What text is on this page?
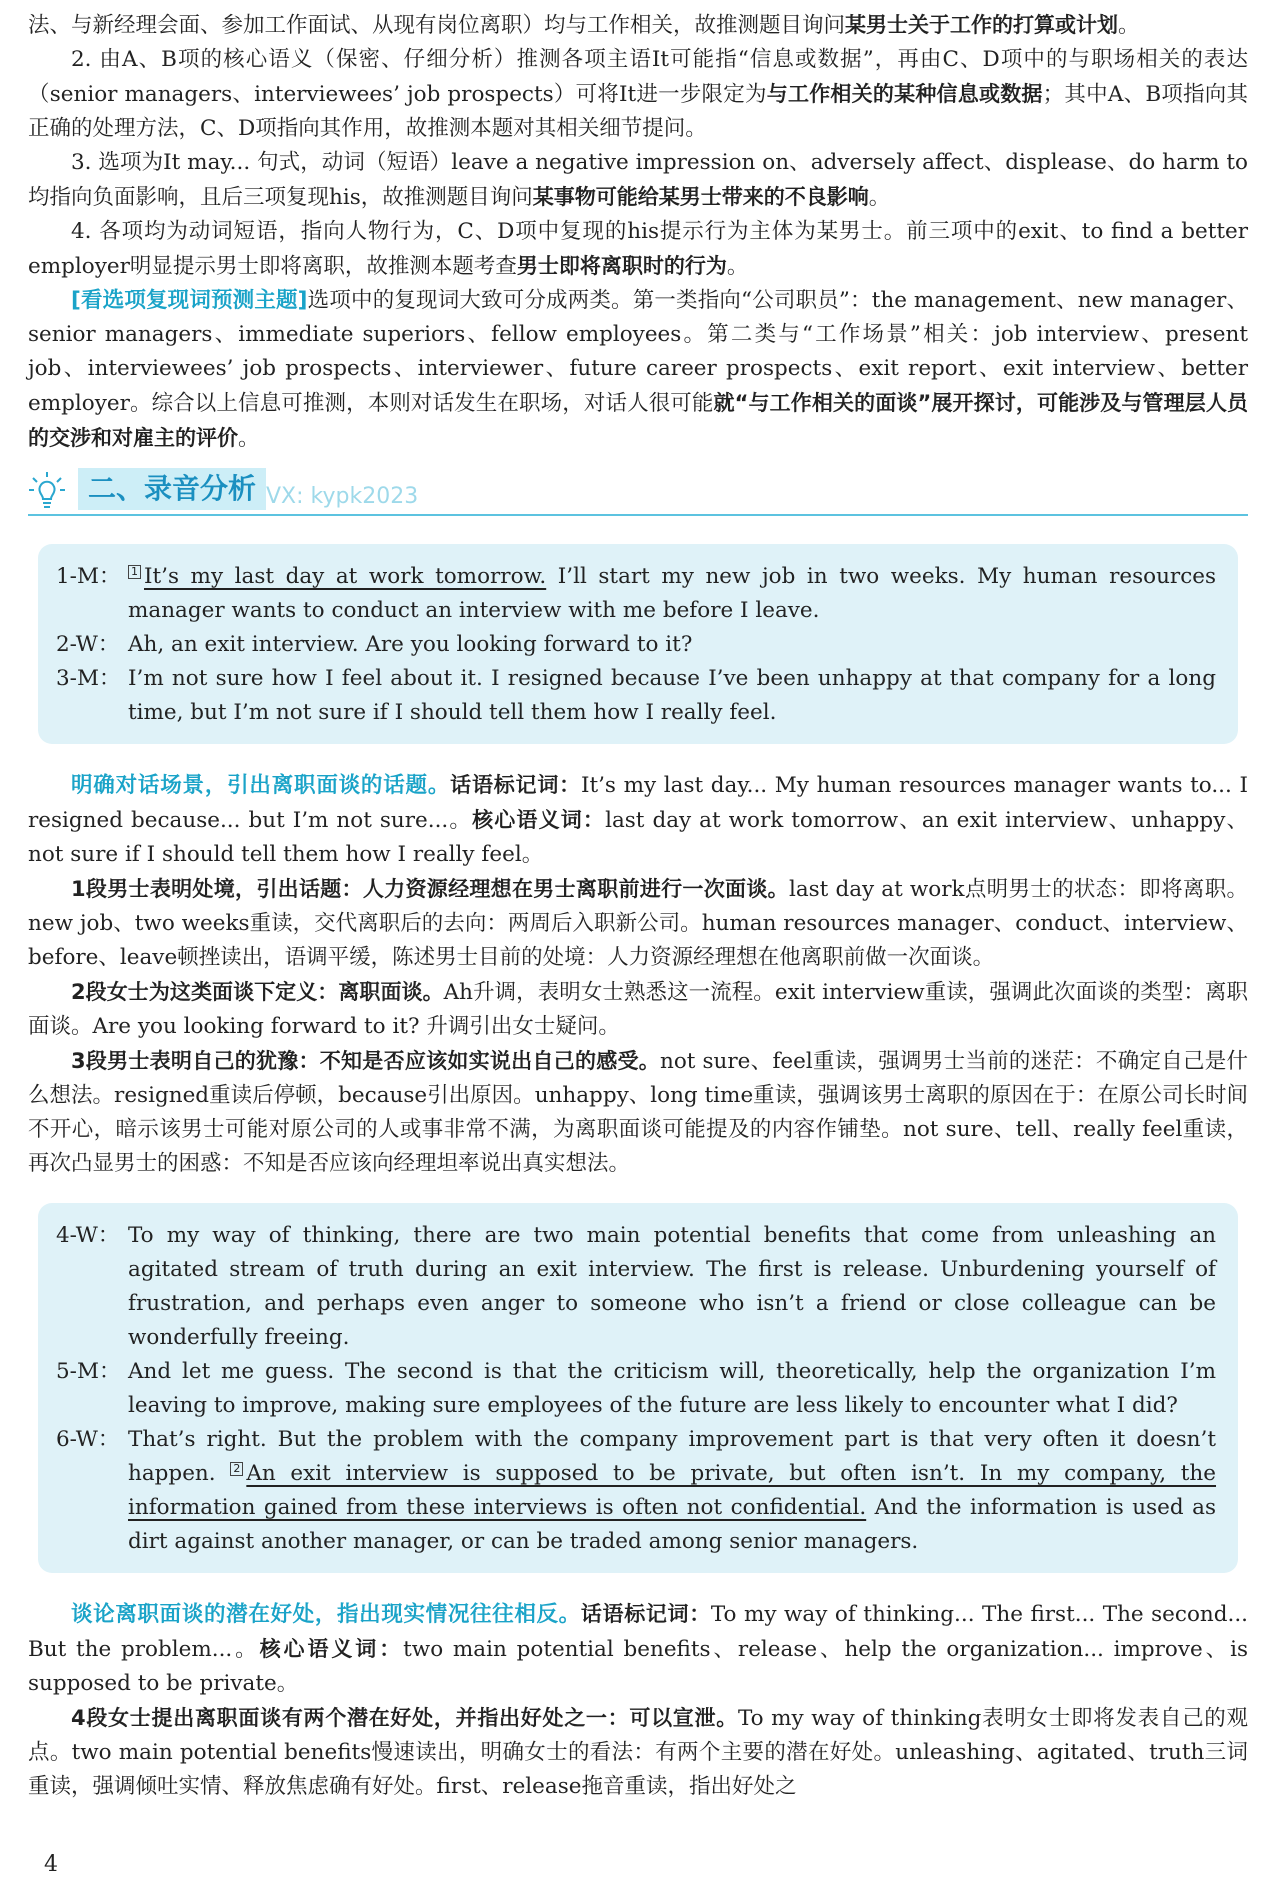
法、与新经理会面、参加工作面试、从现有岗位离职）均与工作相关，故推测题目询问某男士关于工作的打算或计划。

2. 由A、B项的核心语义（保密、仔细分析）推测各项主语It可能指“信息或数据”，再由C、D项中的与职场相关的表达（senior managers、interviewees’ job prospects）可将It进一步限定为与工作相关的某种信息或数据；其中A、B项指向其正确的处理方法，C、D项指向其作用，故推测本题对其相关细节提问。

3. 选项为It may... 句式，动词（短语）leave a negative impression on、adversely affect、displease、do harm to均指向负面影响，且后三项复现his，故推测题目询问某事物可能给某男士带来的不良影响。

4. 各项均为动词短语，指向人物行为，C、D项中复现的his提示行为主体为某男士。前三项中的exit、to find a better employer明显提示男士即将离职，故推测本题考查男士即将离职时的行为。

[看选项复现词预测主题]选项中的复现词大致可分成两类。第一类指向“公司职员”：the management、new manager、senior managers、immediate superiors、fellow employees。第二类与“工作场景”相关：job interview、present job、interviewees’ job prospects、interviewer、future career prospects、exit report、exit interview、better employer。综合以上信息可推测，本则对话发生在职场，对话人很可能就“与工作相关的面谈”展开探讨，可能涉及与管理层人员的交涉和对雇主的评价。

二、录音分析 VX: kypk2023
1-M： 1 It’s my last day at work tomorrow. I’ll start my new job in two weeks. My human resources manager wants to conduct an interview with me before I leave.
2-W： Ah, an exit interview. Are you looking forward to it?
3-M： I’m not sure how I feel about it. I resigned because I’ve been unhappy at that company for a long time, but I’m not sure if I should tell them how I really feel.

明确对话场景，引出离职面谈的话题。话语标记词：It’s my last day... My human resources manager wants to... I resigned because... but I’m not sure...。核心语义词：last day at work tomorrow、an exit interview、unhappy、not sure if I should tell them how I really feel。

1段男士表明处境，引出话题：人力资源经理想在男士离职前进行一次面谈。last day at work点明男士的状态：即将离职。new job、two weeks重读，交代离职后的去向：两周后入职新公司。human resources manager、conduct、interview、before、leave顿挫读出，语调平缓，陈述男士目前的处境：人力资源经理想在他离职前做一次面谈。

2段女士为这类面谈下定义：离职面谈。Ah升调，表明女士熟悉这一流程。exit interview重读，强调此次面谈的类型：离职面谈。Are you looking forward to it? 升调引出女士疑问。

3段男士表明自己的犹豫：不知是否应该如实说出自己的感受。not sure、feel重读，强调男士当前的迷茫：不确定自己是什么想法。resigned重读后停顿，because引出原因。unhappy、long time重读，强调该男士离职的原因在于：在原公司长时间不开心，暗示该男士可能对原公司的人或事非常不满，为离职面谈可能提及的内容作铺垫。not sure、tell、really feel重读，再次凸显男士的困惑：不知是否应该向经理坦率说出真实想法。

4-W： To my way of thinking, there are two main potential benefits that come from unleashing an agitated stream of truth during an exit interview. The first is release. Unburdening yourself of frustration, and perhaps even anger to someone who isn’t a friend or close colleague can be wonderfully freeing.
5-M： And let me guess. The second is that the criticism will, theoretically, help the organization I’m leaving to improve, making sure employees of the future are less likely to encounter what I did?
6-W： That’s right. But the problem with the company improvement part is that very often it doesn’t happen. 2 An exit interview is supposed to be private, but often isn’t. In my company, the information gained from these interviews is often not confidential. And the information is used as dirt against another manager, or can be traded among senior managers.

谈论离职面谈的潜在好处，指出现实情况往往相反。话语标记词：To my way of thinking... The first... The second... But the problem...。核心语义词：two main potential benefits、release、help the organization... improve、is supposed to be private。

4段女士提出离职面谈有两个潜在好处，并指出好处之一：可以宣泄。To my way of thinking表明女士即将发表自己的观点。two main potential benefits慢速读出，明确女士的看法：有两个主要的潜在好处。unleashing、agitated、truth三词重读，强调倾吐实情、释放焦虑确有好处。first、release拖音重读，指出好处之

4
